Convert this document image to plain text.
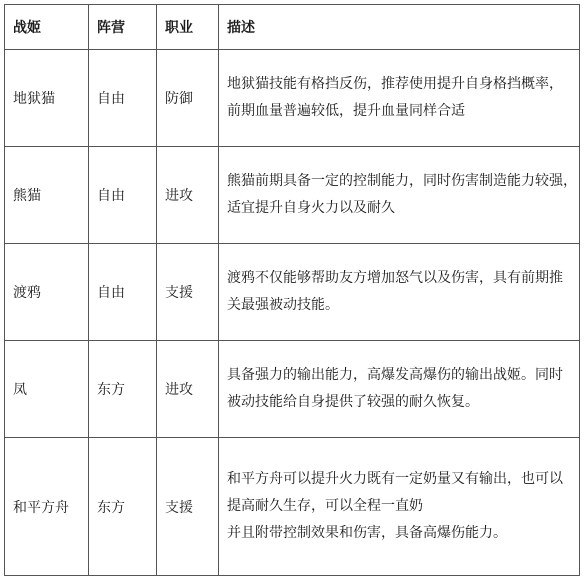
战姬	阵营	职业	描述
地狱猫	自由	防御	地狱猫技能有格挡反伤，推荐使用提升自身格挡概率，
前期血量普遍较低，提升血量同样合适

熊猫	自由	进攻	熊猫前期具备一定的控制能力，同时伤害制造能力较强，
适宜提升自身火力以及耐久

渡鸦	自由	支援	渡鸦不仅能够帮助友方增加怒气以及伤害，具有前期推
关最强被动技能。

凤	东方	进攻	具备强力的输出能力，高爆发高爆伤的输出战姬。同时
被动技能给自身提供了较强的耐久恢复。

和平方舟	东方	支援	和平方舟可以提升火力既有一定奶量又有输出，也可以
提高耐久生存，可以全程一直奶
并且附带控制效果和伤害，具备高爆伤能力。
